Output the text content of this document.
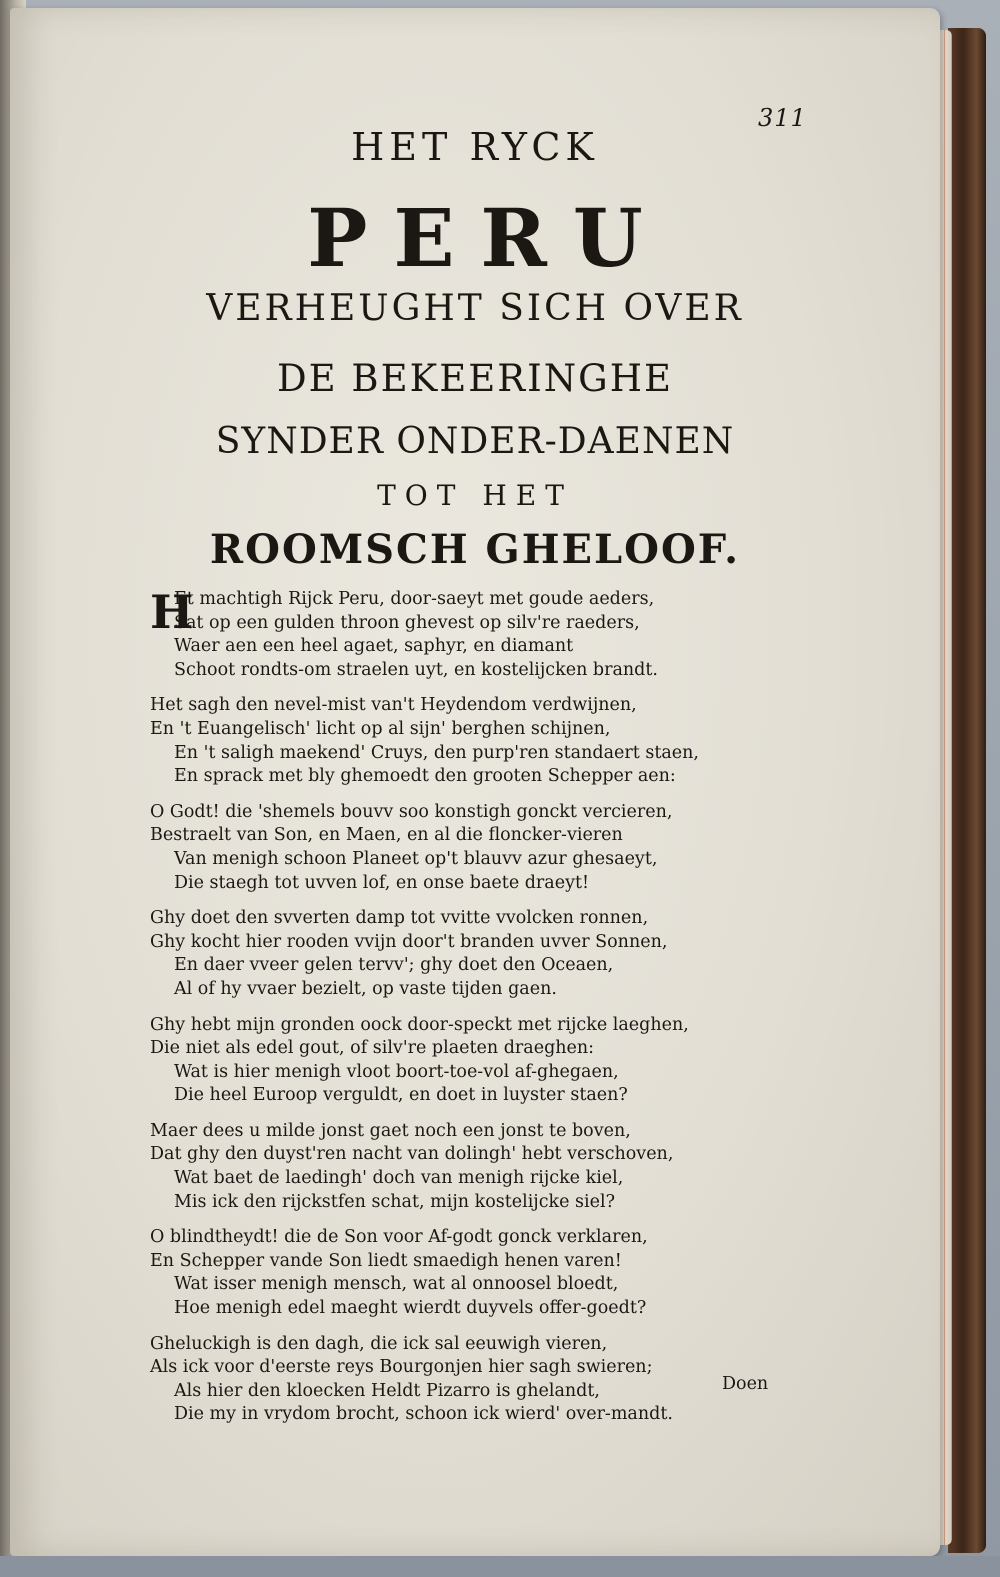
311
HET RYCK
PERU
VERHEUGHT SICH OVER
DE BEKEERINGHE
SYNDER ONDER-DAENEN
TOT HET
ROOMSCH GHELOOF.
H
Et machtigh Rijck Peru, door-saeyt met goude aeders,
Sat op een gulden throon ghevest op silv're raeders,
Waer aen een heel agaet, saphyr, en diamant
Schoot rondts-om straelen uyt, en kostelijcken brandt.
Het sagh den nevel-mist van't Heydendom verdwijnen,
En 't Euangelisch' licht op al sijn' berghen schijnen,
En 't saligh maekend' Cruys, den purp'ren standaert staen,
En sprack met bly ghemoedt den grooten Schepper aen:
O Godt! die 'shemels bouvv soo konstigh gonckt vercieren,
Bestraelt van Son, en Maen, en al die floncker-vieren
Van menigh schoon Planeet op't blauvv azur ghesaeyt,
Die staegh tot uvven lof, en onse baete draeyt!
Ghy doet den svverten damp tot vvitte vvolcken ronnen,
Ghy kocht hier rooden vvijn door't branden uvver Sonnen,
En daer vveer gelen tervv'; ghy doet den Oceaen,
Al of hy vvaer bezielt, op vaste tijden gaen.
Ghy hebt mijn gronden oock door-speckt met rijcke laeghen,
Die niet als edel gout, of silv're plaeten draeghen:
Wat is hier menigh vloot boort-toe-vol af-ghegaen,
Die heel Euroop verguldt, en doet in luyster staen?
Maer dees u milde jonst gaet noch een jonst te boven,
Dat ghy den duyst'ren nacht van dolingh' hebt verschoven,
Wat baet de laedingh' doch van menigh rijcke kiel,
Mis ick den rijckstfen schat, mijn kostelijcke siel?
O blindtheydt! die de Son voor Af-godt gonck verklaren,
En Schepper vande Son liedt smaedigh henen varen!
Wat isser menigh mensch, wat al onnoosel bloedt,
Hoe menigh edel maeght wierdt duyvels offer-goedt?
Gheluckigh is den dagh, die ick sal eeuwigh vieren,
Als ick voor d'eerste reys Bourgonjen hier sagh swieren;
Als hier den kloecken Heldt Pizarro is ghelandt,
Die my in vrydom brocht, schoon ick wierd' over-mandt.
Doen
